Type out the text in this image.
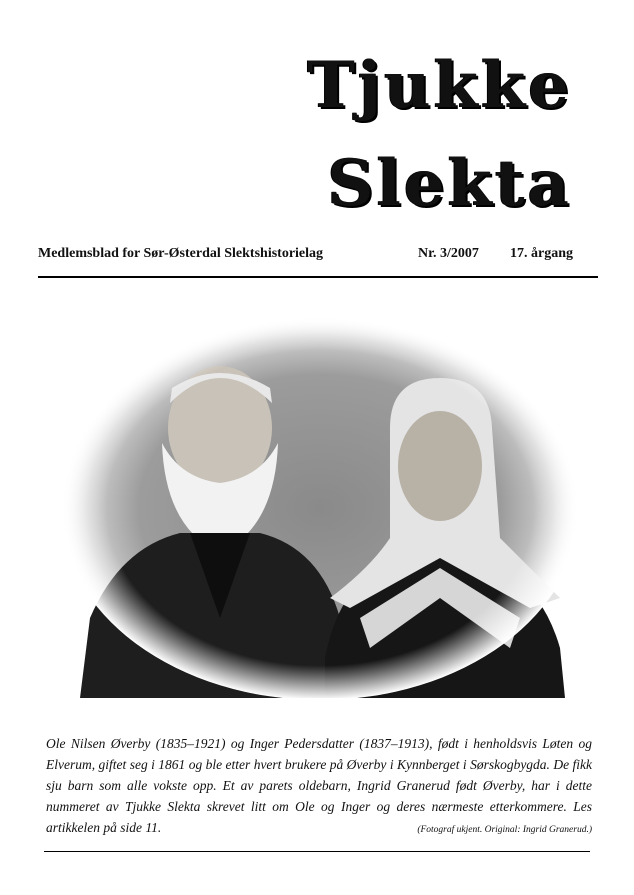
Tjukke
Slekta
Medlemsblad for Sør-Østerdal Slektshistorielag	Nr. 3/2007 17. årgang
Ole Nilsen Øverby (1835–1921) og Inger Pedersdatter (1837–1913), født i henholdsvis Løten og Elverum, giftet seg i 1861 og ble etter hvert brukere på Øverby i Kynnberget i Sørskogbygda. De fikk sju barn som alle vokste opp. Et av parets oldebarn, Ingrid Granerud født Øverby, har i dette nummeret av Tjukke Slekta skrevet litt om Ole og Inger og deres nærmeste etterkommere. Les artikkelen på side 11.	(Fotograf ukjent. Original: Ingrid Granerud.)
